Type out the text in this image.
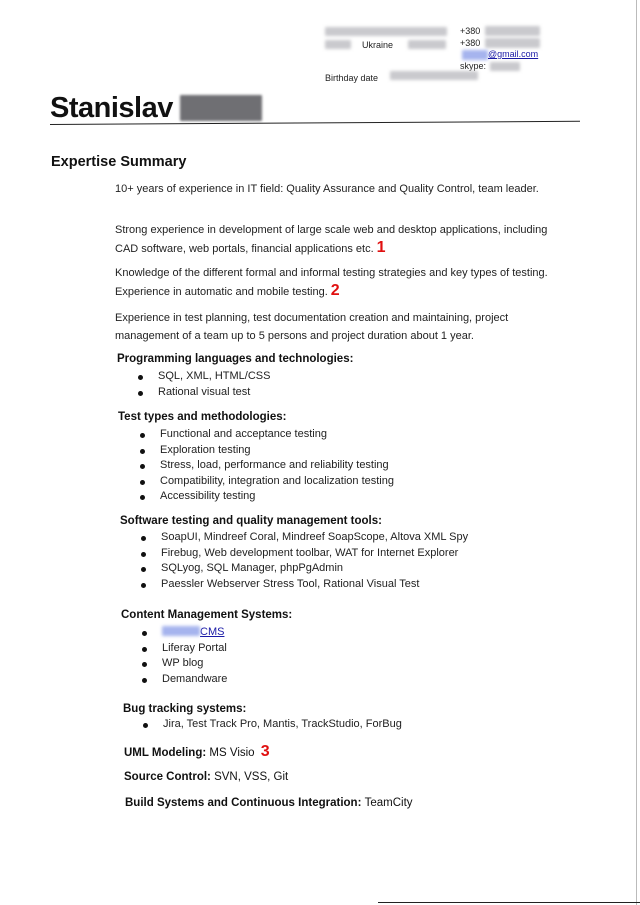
Ukraine
+380
+380
@gmail.com
skype:
Birthday date
Stanislav
Expertise Summary
10+ years of experience in IT field: Quality Assurance and Quality Control, team leader.
Strong experience in development of large scale web and desktop applications, including CAD software, web portals, financial applications etc. 1
Knowledge of the different formal and informal testing strategies and key types of testing. Experience in automatic and mobile testing. 2
Experience in test planning, test documentation creation and maintaining, project management of a team up to 5 persons and project duration about 1 year.
Programming languages and technologies:
SQL, XML, HTML/CSS
Rational visual test
Test types and methodologies:
Functional and acceptance testing
Exploration testing
Stress, load, performance and reliability testing
Compatibility, integration and localization testing
Accessibility testing
Software testing and quality management tools:
SoapUI, Mindreef Coral, Mindreef SoapScope, Altova XML Spy
Firebug, Web development toolbar, WAT for Internet Explorer
SQLyog, SQL Manager, phpPgAdmin
Paessler Webserver Stress Tool, Rational Visual Test
Content Management Systems:
CMS
Liferay Portal
WP blog
Demandware
Bug tracking systems:
Jira, Test Track Pro, Mantis, TrackStudio, ForBug
UML Modeling: MS Visio 3
Source Control: SVN, VSS, Git
Build Systems and Continuous Integration: TeamCity
